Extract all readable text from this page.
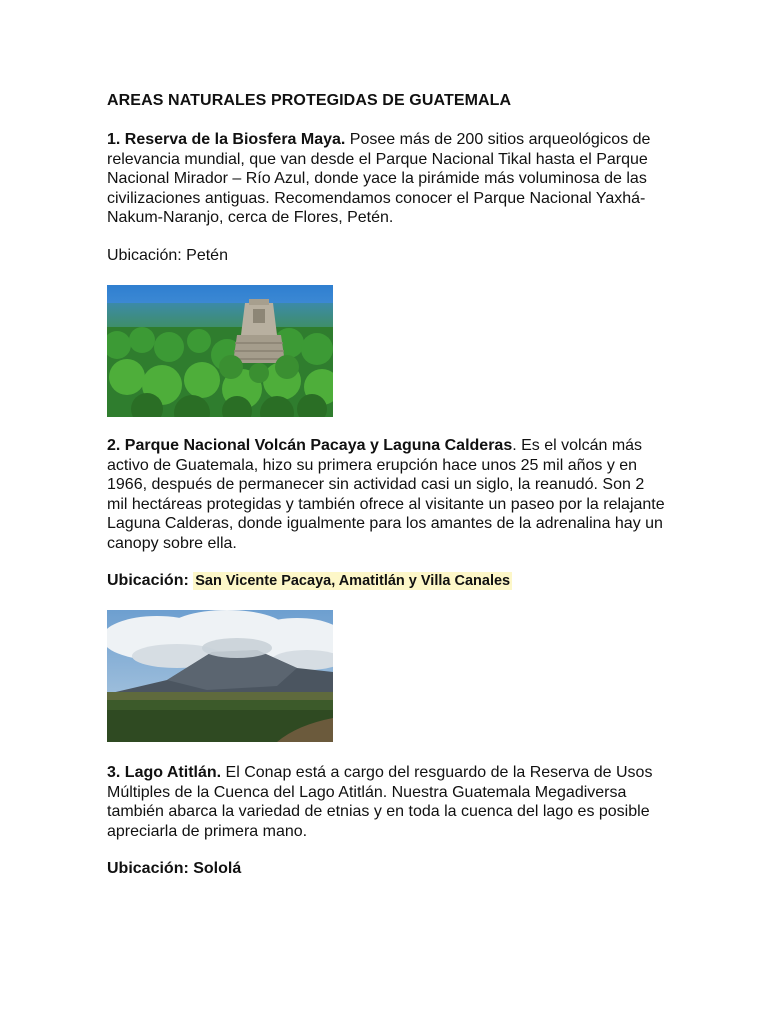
AREAS NATURALES PROTEGIDAS DE GUATEMALA
1. Reserva de la Biosfera Maya. Posee más de 200 sitios arqueológicos de relevancia mundial, que van desde el Parque Nacional Tikal hasta el Parque Nacional Mirador – Río Azul, donde yace la pirámide más voluminosa de las civilizaciones antiguas. Recomendamos conocer el Parque Nacional Yaxhá-Nakum-Naranjo, cerca de Flores, Petén.
Ubicación: Petén
2. Parque Nacional Volcán Pacaya y Laguna Calderas. Es el volcán más activo de Guatemala, hizo su primera erupción hace unos 25 mil años y en 1966, después de permanecer sin actividad casi un siglo, la reanudó. Son 2 mil hectáreas protegidas y también ofrece al visitante un paseo por la relajante Laguna Calderas, donde igualmente para los amantes de la adrenalina hay un canopy sobre ella.
Ubicación: San Vicente Pacaya, Amatitlán y Villa Canales
3. Lago Atitlán. El Conap está a cargo del resguardo de la Reserva de Usos Múltiples de la Cuenca del Lago Atitlán. Nuestra Guatemala Megadiversa también abarca la variedad de etnias y en toda la cuenca del lago es posible apreciarla de primera mano.
Ubicación: Sololá
